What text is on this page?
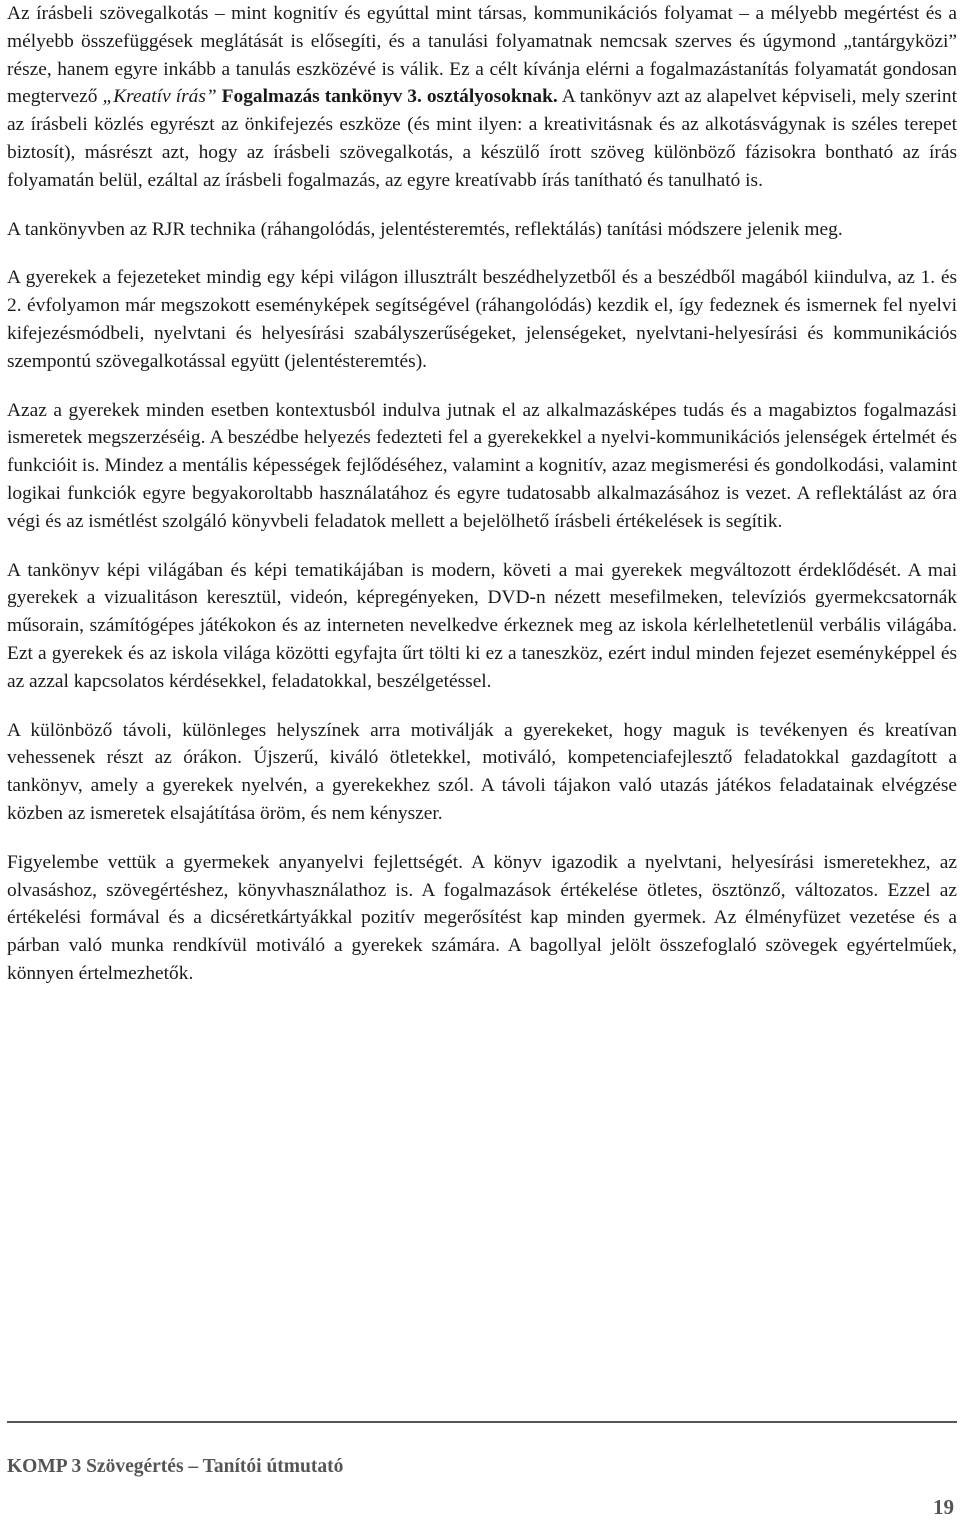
Az írásbeli szövegalkotás – mint kognitív és egyúttal mint társas, kommunikációs folyamat – a mélyebb megértést és a mélyebb összefüggések meglátását is elősegíti, és a tanulási folyamatnak nemcsak szerves és úgymond „tantárgyközi” része, hanem egyre inkább a tanulás eszközévé is válik. Ez a célt kívánja elérni a fogalmazástanítás folyamatát gondosan megtervező „Kreatív írás” Fogalmazás tankönyv 3. osztályosoknak. A tankönyv azt az alapelvet képviseli, mely szerint az írásbeli közlés egyrészt az önkifejezés eszköze (és mint ilyen: a kreativitásnak és az alkotásvágynak is széles terepet biztosít), másrészt azt, hogy az írásbeli szövegalkotás, a készülő írott szöveg különböző fázisokra bontható az írás folyamatán belül, ezáltal az írásbeli fogalmazás, az egyre kreatívabb írás tanítható és tanulható is.

A tankönyvben az RJR technika (ráhangolódás, jelentésteremtés, reflektálás) tanítási módszere jelenik meg.

A gyerekek a fejezeteket mindig egy képi világon illusztrált beszédhelyzetből és a beszédből magából kiindulva, az 1. és 2. évfolyamon már megszokott eseményképek segítségével (ráhangolódás) kezdik el, így fedeznek és ismernek fel nyelvi kifejezésmódbeli, nyelvtani és helyesírási szabályszerűségeket, jelenségeket, nyelvtani-helyesírási és kommunikációs szempontú szövegalkotással együtt (jelentésteremtés).

Azaz a gyerekek minden esetben kontextusból indulva jutnak el az alkalmazásképes tudás és a magabiztos fogalmazási ismeretek megszerzéséig. A beszédbe helyezés fedezteti fel a gyerekekkel a nyelvi-kommunikációs jelenségek értelmét és funkcióit is. Mindez a mentális képességek fejlődéséhez, valamint a kognitív, azaz megismerési és gondolkodási, valamint logikai funkciók egyre begyakoroltabb használatához és egyre tudatosabb alkalmazásához is vezet. A reflektálást az óra végi és az ismétlést szolgáló könyvbeli feladatok mellett a bejelölhető írásbeli értékelések is segítik.

A tankönyv képi világában és képi tematikájában is modern, követi a mai gyerekek megváltozott érdeklődését. A mai gyerekek a vizualitáson keresztül, videón, képregényeken, DVD-n nézett mesefilmeken, televíziós gyermekcsatornák műsorain, számítógépes játékokon és az interneten nevelkedve érkeznek meg az iskola kérlelhetetlenül verbális világába. Ezt a gyerekek és az iskola világa közötti egyfajta űrt tölti ki ez a taneszköz, ezért indul minden fejezet eseményképpel és az azzal kapcsolatos kérdésekkel, feladatokkal, beszélgetéssel.

A különböző távoli, különleges helyszínek arra motiválják a gyerekeket, hogy maguk is tevékenyen és kreatívan vehessenek részt az órákon. Újszerű, kiváló ötletekkel, motiváló, kompetenciafejlesztő feladatokkal gazdagított a tankönyv, amely a gyerekek nyelvén, a gyerekekhez szól. A távoli tájakon való utazás játékos feladatainak elvégzése közben az ismeretek elsajátítása öröm, és nem kényszer.

Figyelembe vettük a gyermekek anyanyelvi fejlettségét. A könyv igazodik a nyelvtani, helyesírási ismeretekhez, az olvasáshoz, szövegértéshez, könyvhasználathoz is. A fogalmazások értékelése ötletes, ösztönző, változatos. Ezzel az értékelési formával és a dicséretkártyákkal pozitív megerősítést kap minden gyermek. Az élményfüzet vezetése és a párban való munka rendkívül motiváló a gyerekek számára. A bagollyal jelölt összefoglaló szövegek egyértelműek, könnyen értelmezhetők.

KOMP 3 Szövegértés – Tanítói útmutató
19
